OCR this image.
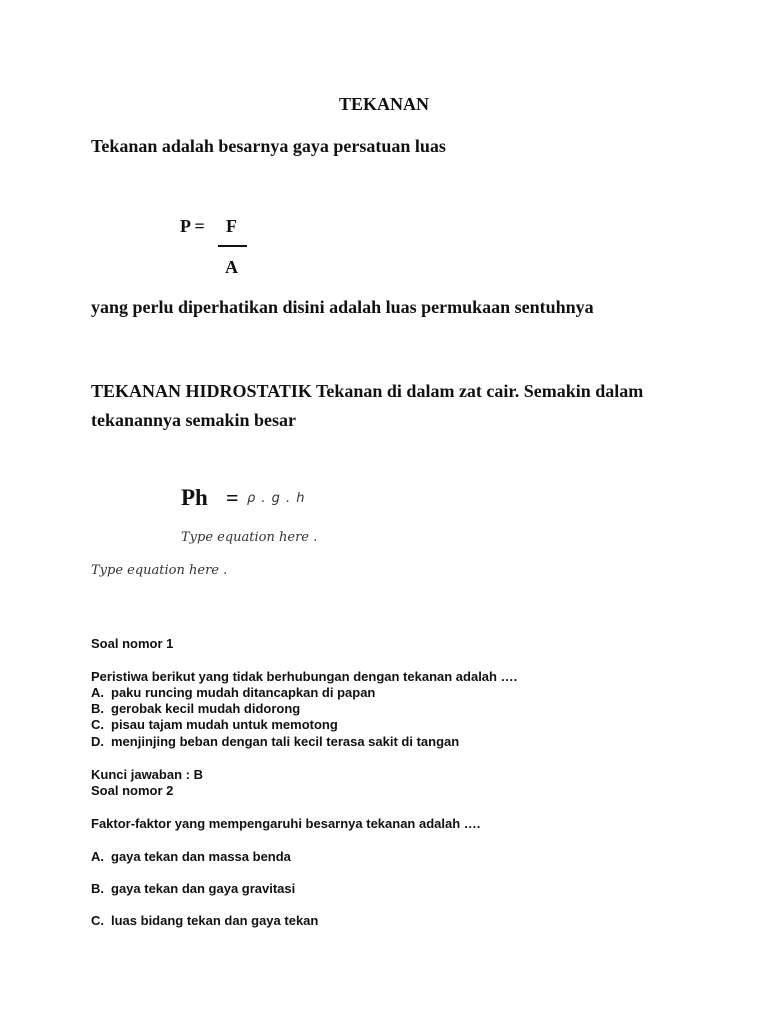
TEKANAN
Tekanan adalah besarnya gaya persatuan luas
P = F
A
yang perlu diperhatikan disini adalah luas permukaan sentuhnya
TEKANAN HIDROSTATIK Tekanan di dalam zat cair. Semakin dalam tekanannya semakin besar
Ph = ρ . g . h
Type equation here .
Type equation here .
Soal nomor 1
Peristiwa berikut yang tidak berhubungan dengan tekanan adalah ….
A. paku runcing mudah ditancapkan di papan
B. gerobak kecil mudah didorong
C. pisau tajam mudah untuk memotong
D. menjinjing beban dengan tali kecil terasa sakit di tangan
Kunci jawaban : B
Soal nomor 2
Faktor-faktor yang mempengaruhi besarnya tekanan adalah ….
A. gaya tekan dan massa benda
B. gaya tekan dan gaya gravitasi
C. luas bidang tekan dan gaya tekan
